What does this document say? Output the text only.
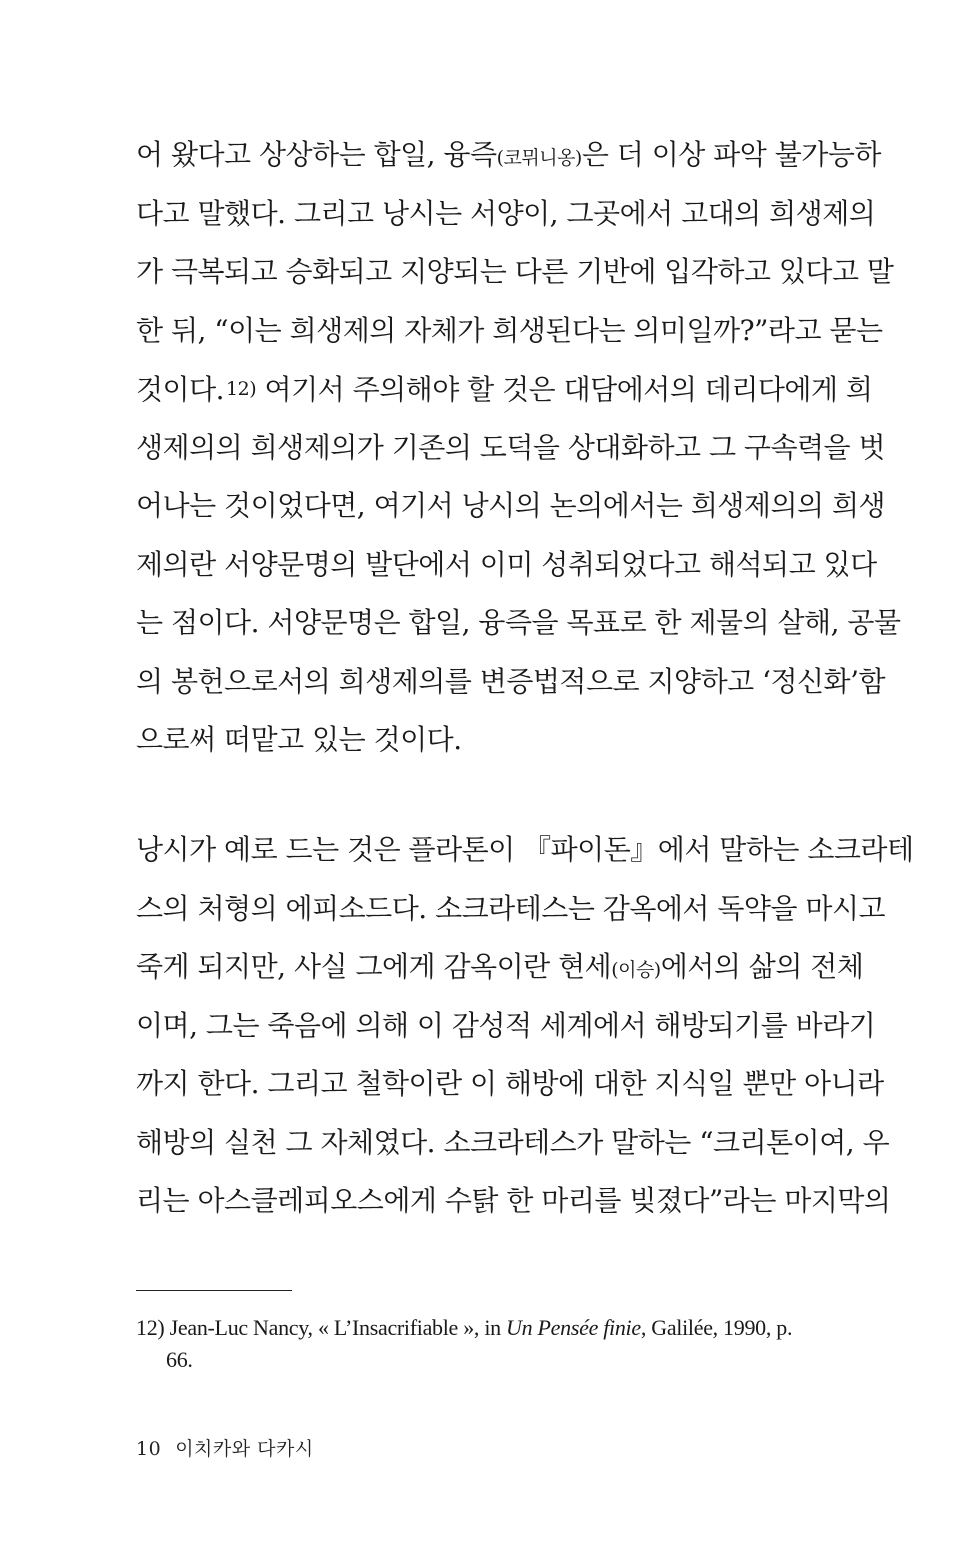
어 왔다고 상상하는 합일, 융즉(코뮈니옹)은 더 이상 파악 불가능하
다고 말했다. 그리고 낭시는 서양이, 그곳에서 고대의 희생제의
가 극복되고 승화되고 지양되는 다른 기반에 입각하고 있다고 말
한 뒤, “이는 희생제의 자체가 희생된다는 의미일까?”라고 묻는
것이다. $^{12)}$ 여기서 주의해야 할 것은 대담에서의 데리다에게 희
생제의의 희생제의가 기존의 도덕을 상대화하고 그 구속력을 벗
어나는 것이었다면, 여기서 낭시의 논의에서는 희생제의의 희생
제의란 서양문명의 발단에서 이미 성취되었다고 해석되고 있다
는 점이다. 서양문명은 합일, 융즉을 목표로 한 제물의 살해, 공물
의 봉헌으로서의 희생제의를 변증법적으로 지양하고 ‘정신화’함
으로써 떠맡고 있는 것이다.
낭시가 예로 드는 것은 플라톤이 『파이돈』에서 말하는 소크라테
스의 처형의 에피소드다. 소크라테스는 감옥에서 독약을 마시고
죽게 되지만, 사실 그에게 감옥이란 현세(이승)에서의 삶의 전체
이며, 그는 죽음에 의해 이 감성적 세계에서 해방되기를 바라기
까지 한다. 그리고 철학이란 이 해방에 대한 지식일 뿐만 아니라
해방의 실천 그 자체였다. 소크라테스가 말하는 “크리톤이여, 우
리는 아스클레피오스에게 수탉 한 마리를 빚졌다”라는 마지막의
12) Jean-Luc Nancy, « L’Insacrifiable », in Un Pensée finie, Galilée, 1990, p.
66.
10 이치카와 다카시
